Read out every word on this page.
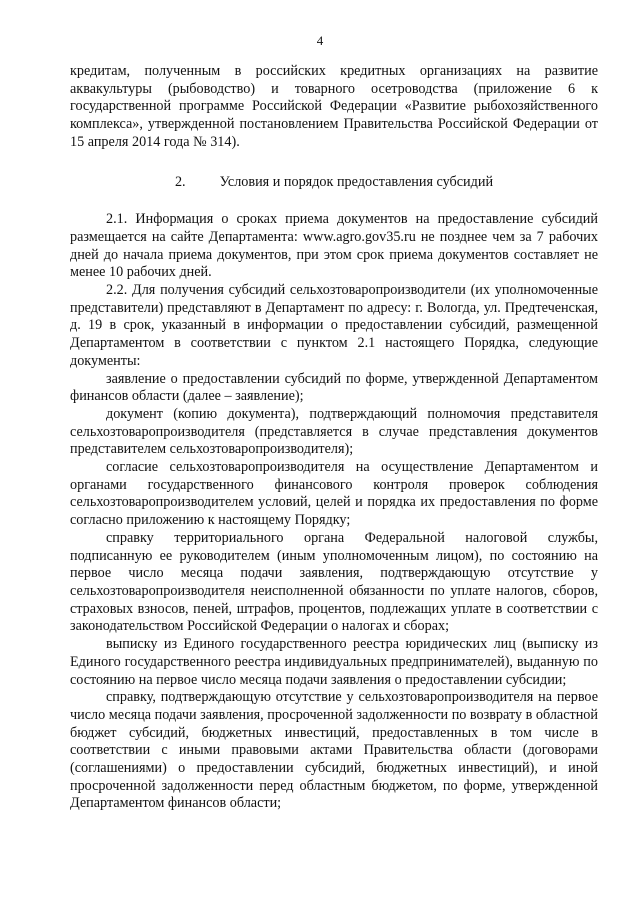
4

кредитам, полученным в российских кредитных организациях на развитие аквакультуры (рыбоводство) и товарного осетроводства (приложение 6 к государственной программе Российской Федерации «Развитие рыбохозяйственного комплекса», утвержденной постановлением Правительства Российской Федерации от 15 апреля 2014 года № 314).

2. Условия и порядок предоставления субсидий

2.1. Информация о сроках приема документов на предоставление субсидий размещается на сайте Департамента: www.agro.gov35.ru не позднее чем за 7 рабочих дней до начала приема документов, при этом срок приема документов составляет не менее 10 рабочих дней.

2.2. Для получения субсидий сельхозтоваропроизводители (их уполномоченные представители) представляют в Департамент по адресу: г. Вологда, ул. Предтеченская, д. 19 в срок, указанный в информации о предоставлении субсидий, размещенной Департаментом в соответствии с пунктом 2.1 настоящего Порядка, следующие документы:

заявление о предоставлении субсидий по форме, утвержденной Департаментом финансов области (далее – заявление);

документ (копию документа), подтверждающий полномочия представителя сельхозтоваропроизводителя (представляется в случае представления документов представителем сельхозтоваропроизводителя);

согласие сельхозтоваропроизводителя на осуществление Департаментом и органами государственного финансового контроля проверок соблюдения сельхозтоваропроизводителем условий, целей и порядка их предоставления по форме согласно приложению к настоящему Порядку;

справку территориального органа Федеральной налоговой службы, подписанную ее руководителем (иным уполномоченным лицом), по состоянию на первое число месяца подачи заявления, подтверждающую отсутствие у сельхозтоваропроизводителя неисполненной обязанности по уплате налогов, сборов, страховых взносов, пеней, штрафов, процентов, подлежащих уплате в соответствии с законодательством Российской Федерации о налогах и сборах;

выписку из Единого государственного реестра юридических лиц (выписку из Единого государственного реестра индивидуальных предпринимателей), выданную по состоянию на первое число месяца подачи заявления о предоставлении субсидии;

справку, подтверждающую отсутствие у сельхозтоваропроизводителя на первое число месяца подачи заявления, просроченной задолженности по возврату в областной бюджет субсидий, бюджетных инвестиций, предоставленных в том числе в соответствии с иными правовыми актами Правительства области (договорами (соглашениями) о предоставлении субсидий, бюджетных инвестиций), и иной просроченной задолженности перед областным бюджетом, по форме, утвержденной Департаментом финансов области;
